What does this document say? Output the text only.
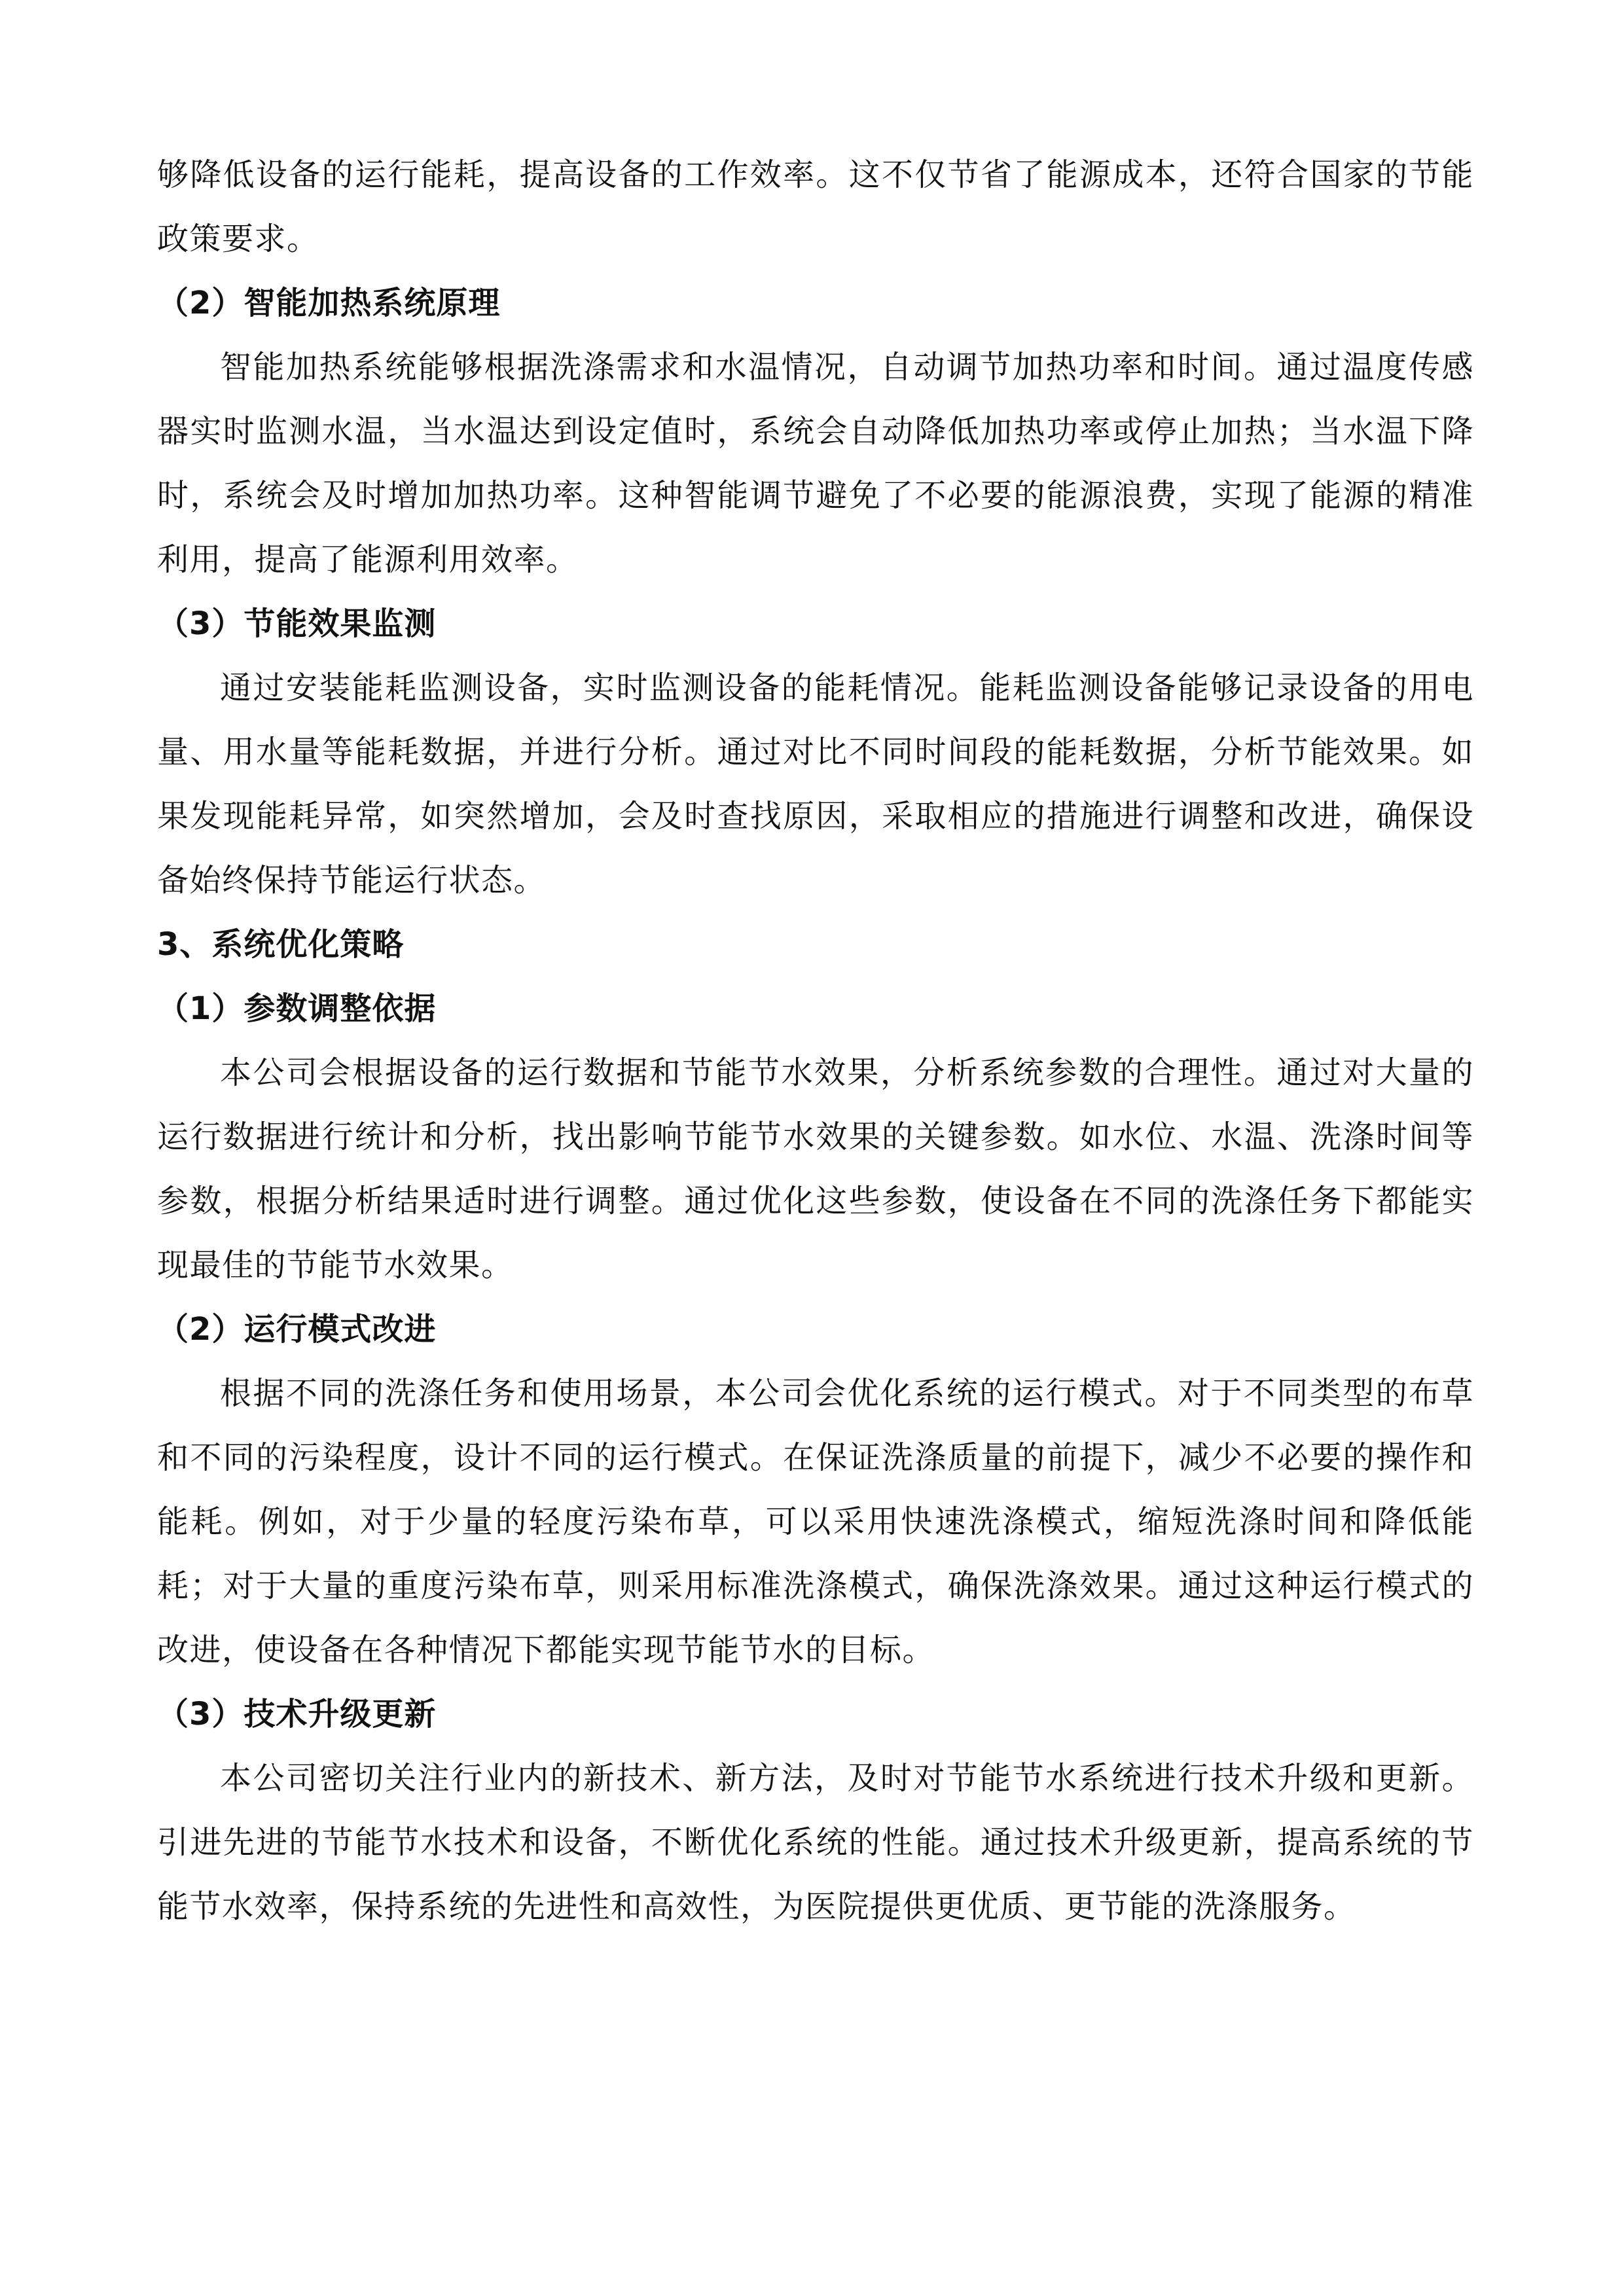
够降低设备的运行能耗，提高设备的工作效率。这不仅节省了能源成本，还符合国家的节能政策要求。

（2）智能加热系统原理

智能加热系统能够根据洗涤需求和水温情况，自动调节加热功率和时间。通过温度传感器实时监测水温，当水温达到设定值时，系统会自动降低加热功率或停止加热；当水温下降时，系统会及时增加加热功率。这种智能调节避免了不必要的能源浪费，实现了能源的精准利用，提高了能源利用效率。

（3）节能效果监测

通过安装能耗监测设备，实时监测设备的能耗情况。能耗监测设备能够记录设备的用电量、用水量等能耗数据，并进行分析。通过对比不同时间段的能耗数据，分析节能效果。如果发现能耗异常，如突然增加，会及时查找原因，采取相应的措施进行调整和改进，确保设备始终保持节能运行状态。

3、系统优化策略

（1）参数调整依据

本公司会根据设备的运行数据和节能节水效果，分析系统参数的合理性。通过对大量的运行数据进行统计和分析，找出影响节能节水效果的关键参数。如水位、水温、洗涤时间等参数，根据分析结果适时进行调整。通过优化这些参数，使设备在不同的洗涤任务下都能实现最佳的节能节水效果。

（2）运行模式改进

根据不同的洗涤任务和使用场景，本公司会优化系统的运行模式。对于不同类型的布草和不同的污染程度，设计不同的运行模式。在保证洗涤质量的前提下，减少不必要的操作和能耗。例如，对于少量的轻度污染布草，可以采用快速洗涤模式，缩短洗涤时间和降低能耗；对于大量的重度污染布草，则采用标准洗涤模式，确保洗涤效果。通过这种运行模式的改进，使设备在各种情况下都能实现节能节水的目标。

（3）技术升级更新

本公司密切关注行业内的新技术、新方法，及时对节能节水系统进行技术升级和更新。引进先进的节能节水技术和设备，不断优化系统的性能。通过技术升级更新，提高系统的节能节水效率，保持系统的先进性和高效性，为医院提供更优质、更节能的洗涤服务。
